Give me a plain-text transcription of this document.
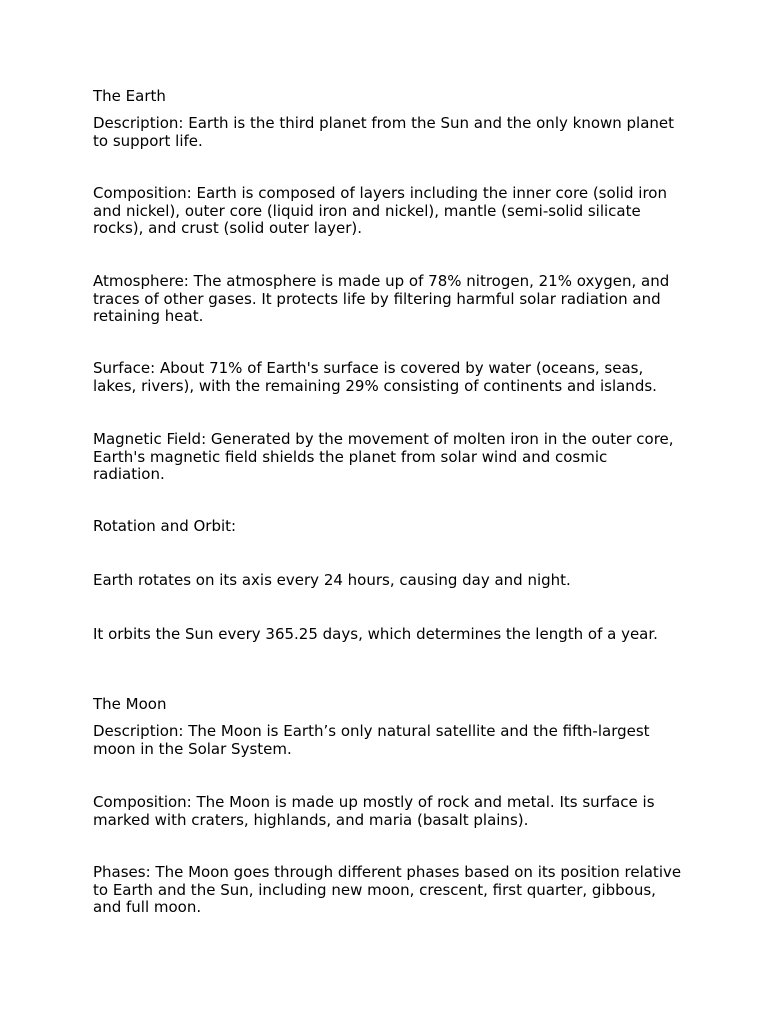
The Earth

Description: Earth is the third planet from the Sun and the only known planet to support life.

Composition: Earth is composed of layers including the inner core (solid iron and nickel), outer core (liquid iron and nickel), mantle (semi-solid silicate rocks), and crust (solid outer layer).

Atmosphere: The atmosphere is made up of 78% nitrogen, 21% oxygen, and traces of other gases. It protects life by filtering harmful solar radiation and retaining heat.

Surface: About 71% of Earth's surface is covered by water (oceans, seas, lakes, rivers), with the remaining 29% consisting of continents and islands.

Magnetic Field: Generated by the movement of molten iron in the outer core, Earth's magnetic field shields the planet from solar wind and cosmic radiation.

Rotation and Orbit:

Earth rotates on its axis every 24 hours, causing day and night.

It orbits the Sun every 365.25 days, which determines the length of a year.

The Moon

Description: The Moon is Earth’s only natural satellite and the fifth-largest moon in the Solar System.

Composition: The Moon is made up mostly of rock and metal. Its surface is marked with craters, highlands, and maria (basalt plains).

Phases: The Moon goes through different phases based on its position relative to Earth and the Sun, including new moon, crescent, first quarter, gibbous, and full moon.
